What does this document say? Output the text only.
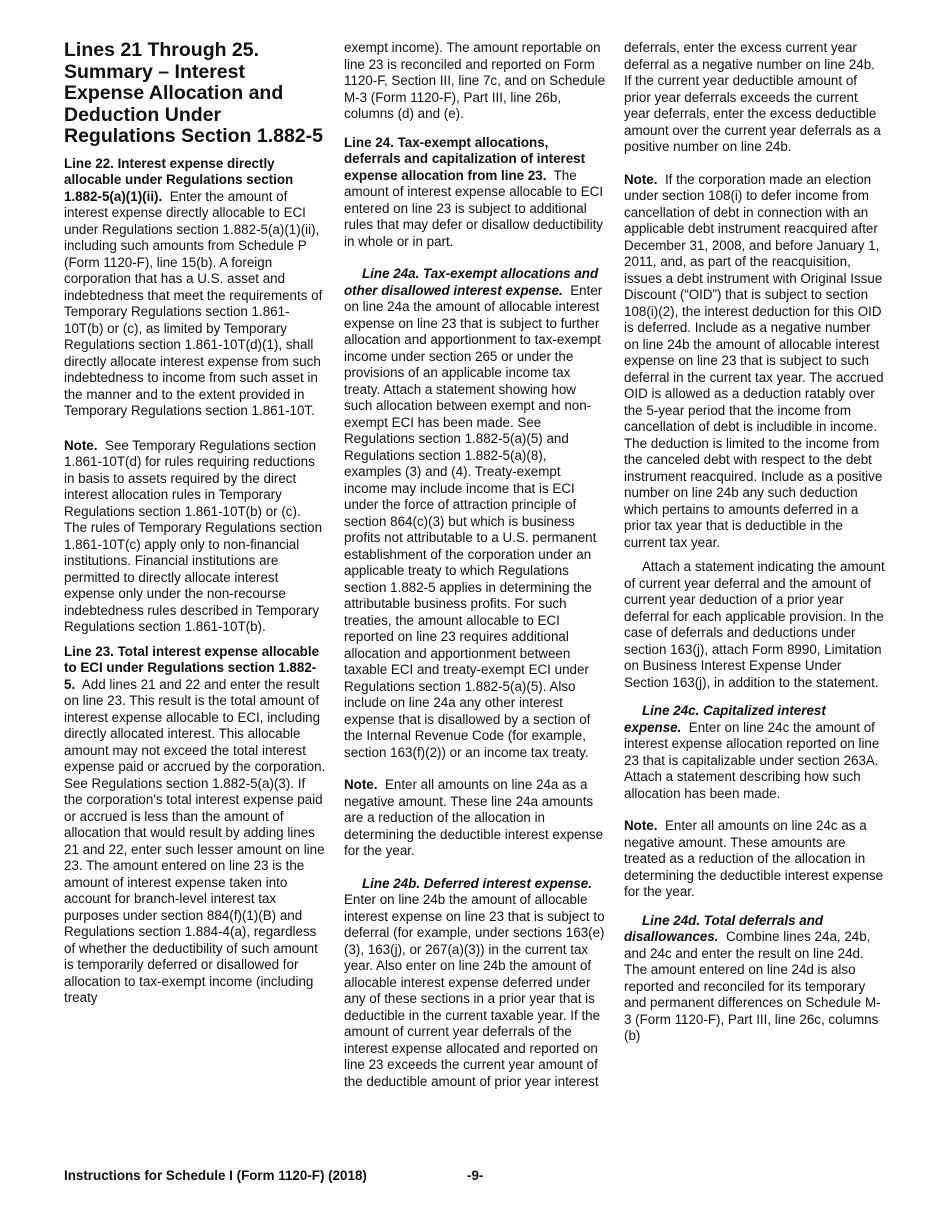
Lines 21 Through 25. Summary – Interest Expense Allocation and Deduction Under Regulations Section 1.882-5

Line 22. Interest expense directly allocable under Regulations section 1.882-5(a)(1)(ii). Enter the amount of interest expense directly allocable to ECI under Regulations section 1.882-5(a)(1)(ii), including such amounts from Schedule P (Form 1120-F), line 15(b). A foreign corporation that has a U.S. asset and indebtedness that meet the requirements of Temporary Regulations section 1.861-10T(b) or (c), as limited by Temporary Regulations section 1.861-10T(d)(1), shall directly allocate interest expense from such indebtedness to income from such asset in the manner and to the extent provided in Temporary Regulations section 1.861-10T.

Note. See Temporary Regulations section 1.861-10T(d) for rules requiring reductions in basis to assets required by the direct interest allocation rules in Temporary Regulations section 1.861-10T(b) or (c). The rules of Temporary Regulations section 1.861-10T(c) apply only to non-financial institutions. Financial institutions are permitted to directly allocate interest expense only under the non-recourse indebtedness rules described in Temporary Regulations section 1.861-10T(b).

Line 23. Total interest expense allocable to ECI under Regulations section 1.882-5. Add lines 21 and 22 and enter the result on line 23. This result is the total amount of interest expense allocable to ECI, including directly allocated interest. This allocable amount may not exceed the total interest expense paid or accrued by the corporation. See Regulations section 1.882-5(a)(3). If the corporation's total interest expense paid or accrued is less than the amount of allocation that would result by adding lines 21 and 22, enter such lesser amount on line 23. The amount entered on line 23 is the amount of interest expense taken into account for branch-level interest tax purposes under section 884(f)(1)(B) and Regulations section 1.884-4(a), regardless of whether the deductibility of such amount is temporarily deferred or disallowed for allocation to tax-exempt income (including treaty

exempt income). The amount reportable on line 23 is reconciled and reported on Form 1120-F, Section III, line 7c, and on Schedule M-3 (Form 1120-F), Part III, line 26b, columns (d) and (e).

Line 24. Tax-exempt allocations, deferrals and capitalization of interest expense allocation from line 23. The amount of interest expense allocable to ECI entered on line 23 is subject to additional rules that may defer or disallow deductibility in whole or in part.

Line 24a. Tax-exempt allocations and other disallowed interest expense. Enter on line 24a the amount of allocable interest expense on line 23 that is subject to further allocation and apportionment to tax-exempt income under section 265 or under the provisions of an applicable income tax treaty. Attach a statement showing how such allocation between exempt and non-exempt ECI has been made. See Regulations section 1.882-5(a)(5) and Regulations section 1.882-5(a)(8), examples (3) and (4). Treaty-exempt income may include income that is ECI under the force of attraction principle of section 864(c)(3) but which is business profits not attributable to a U.S. permanent establishment of the corporation under an applicable treaty to which Regulations section 1.882-5 applies in determining the attributable business profits. For such treaties, the amount allocable to ECI reported on line 23 requires additional allocation and apportionment between taxable ECI and treaty-exempt ECI under Regulations section 1.882-5(a)(5). Also include on line 24a any other interest expense that is disallowed by a section of the Internal Revenue Code (for example, section 163(f)(2)) or an income tax treaty.

Note. Enter all amounts on line 24a as a negative amount. These line 24a amounts are a reduction of the allocation in determining the deductible interest expense for the year.

Line 24b. Deferred interest expense.  Enter on line 24b the amount of allocable interest expense on line 23 that is subject to deferral (for example, under sections 163(e)(3), 163(j), or 267(a)(3)) in the current tax year. Also enter on line 24b the amount of allocable interest expense deferred under any of these sections in a prior year that is deductible in the current taxable year. If the amount of current year deferrals of the interest expense allocated and reported on line 23 exceeds the current year amount of the deductible amount of prior year interest

deferrals, enter the excess current year deferral as a negative number on line 24b. If the current year deductible amount of prior year deferrals exceeds the current year deferrals, enter the excess deductible amount over the current year deferrals as a positive number on line 24b.

Note. If the corporation made an election under section 108(i) to defer income from cancellation of debt in connection with an applicable debt instrument reacquired after December 31, 2008, and before January 1, 2011, and, as part of the reacquisition, issues a debt instrument with Original Issue Discount (“OID”) that is subject to section 108(i)(2), the interest deduction for this OID is deferred. Include as a negative number on line 24b the amount of allocable interest expense on line 23 that is subject to such deferral in the current tax year. The accrued OID is allowed as a deduction ratably over the 5-year period that the income from cancellation of debt is includible in income. The deduction is limited to the income from the canceled debt with respect to the debt instrument reacquired. Include as a positive number on line 24b any such deduction which pertains to amounts deferred in a prior tax year that is deductible in the current tax year.

Attach a statement indicating the amount of current year deferral and the amount of current year deduction of a prior year deferral for each applicable provision. In the case of deferrals and deductions under section 163(j), attach Form 8990, Limitation on Business Interest Expense Under Section 163(j), in addition to the statement.

Line 24c. Capitalized interest expense. Enter on line 24c the amount of interest expense allocation reported on line 23 that is capitalizable under section 263A. Attach a statement describing how such allocation has been made.

Note. Enter all amounts on line 24c as a negative amount. These amounts are treated as a reduction of the allocation in determining the deductible interest expense for the year.

Line 24d. Total deferrals and disallowances. Combine lines 24a, 24b, and 24c and enter the result on line 24d. The amount entered on line 24d is also reported and reconciled for its temporary and permanent differences on Schedule M-3 (Form 1120-F), Part III, line 26c, columns (b)

Instructions for Schedule I (Form 1120-F) (2018)	-9-
